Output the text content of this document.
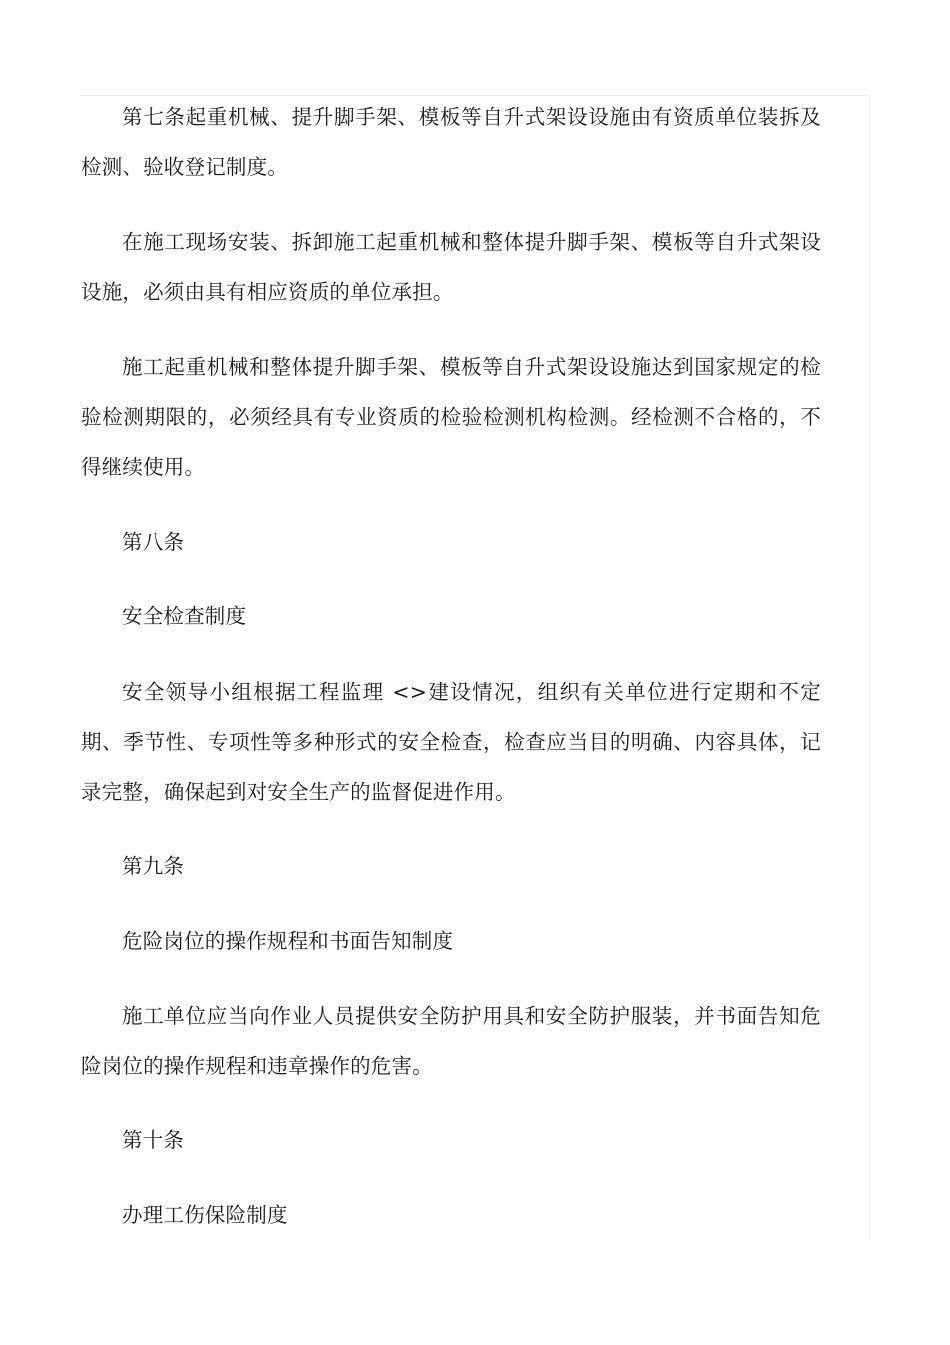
第七条起重机械、提升脚手架、模板等自升式架设设施由有资质单位装拆及检测、验收登记制度。

在施工现场安装、拆卸施工起重机械和整体提升脚手架、模板等自升式架设设施，必须由具有相应资质的单位承担。

施工起重机械和整体提升脚手架、模板等自升式架设设施达到国家规定的检验检测期限的，必须经具有专业资质的检验检测机构检测。经检测不合格的，不得继续使用。

第八条

安全检查制度

安全领导小组根据工程监理 <>建设情况，组织有关单位进行定期和不定期、季节性、专项性等多种形式的安全检查，检查应当目的明确、内容具体，记录完整，确保起到对安全生产的监督促进作用。

第九条

危险岗位的操作规程和书面告知制度

施工单位应当向作业人员提供安全防护用具和安全防护服装，并书面告知危险岗位的操作规程和违章操作的危害。

第十条

办理工伤保险制度
